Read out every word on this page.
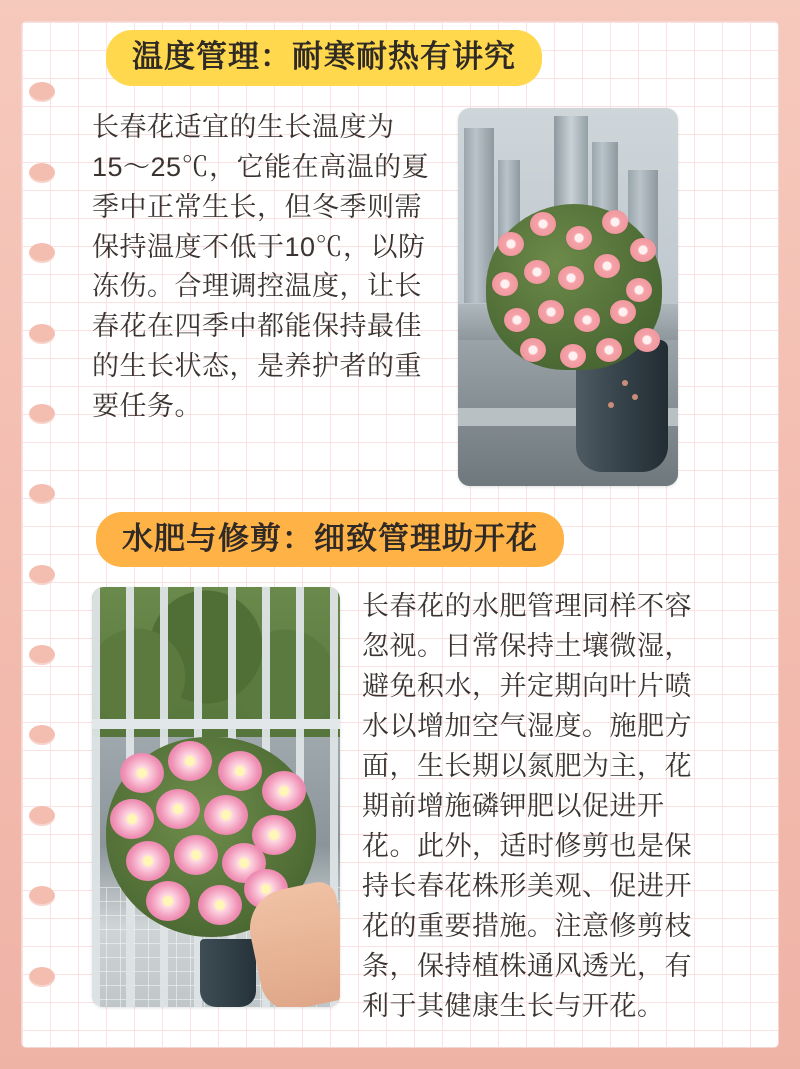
温度管理：耐寒耐热有讲究
长春花适宜的生长温度为15〜25℃，它能在高温的夏季中正常生长，但冬季则需保持温度不低于10℃，以防冻伤。合理调控温度，让长春花在四季中都能保持最佳的生长状态，是养护者的重要任务。
水肥与修剪：细致管理助开花
长春花的水肥管理同样不容忽视。日常保持土壤微湿，避免积水，并定期向叶片喷水以增加空气湿度。施肥方面，生长期以氮肥为主，花期前增施磷钾肥以促进开花。此外，适时修剪也是保持长春花株形美观、促进开花的重要措施。注意修剪枝条，保持植株通风透光，有利于其健康生长与开花。
